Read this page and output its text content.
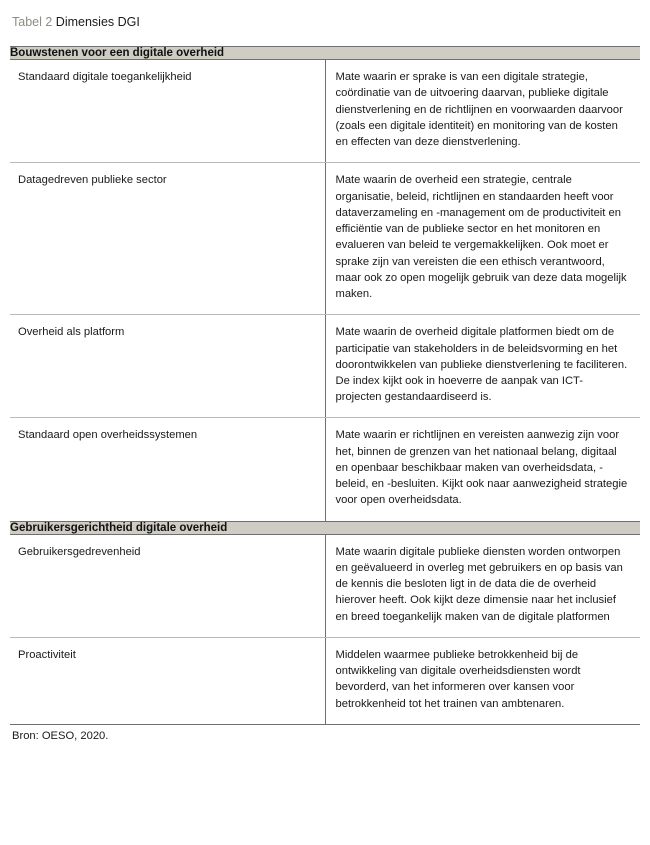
Tabel 2 Dimensies DGI
Bouwstenen voor een digitale overheid	
Standaard digitale toegankelijkheid	Mate waarin er sprake is van een digitale strategie, coördinatie van de uitvoering daarvan, publieke digitale dienstverlening en de richtlijnen en voorwaarden daarvoor (zoals een digitale identiteit) en monitoring van de kosten en effecten van deze dienstverlening.
Datagedreven publieke sector	Mate waarin de overheid een strategie, centrale organisatie, beleid, richtlijnen en standaarden heeft voor dataverzameling en -management om de productiviteit en efficiëntie van de publieke sector en het monitoren en evalueren van beleid te vergemakkelijken. Ook moet er sprake zijn van vereisten die een ethisch verantwoord, maar ook zo open mogelijk gebruik van deze data mogelijk maken.
Overheid als platform	Mate waarin de overheid digitale platformen biedt om de participatie van stakeholders in de beleidsvorming en het doorontwikkelen van publieke dienstverlening te faciliteren. De index kijkt ook in hoeverre de aanpak van ICT-projecten gestandaardiseerd is.
Standaard open overheidssystemen	Mate waarin er richtlijnen en vereisten aanwezig zijn voor het, binnen de grenzen van het nationaal belang, digitaal en openbaar beschikbaar maken van overheidsdata, -beleid, en -besluiten. Kijkt ook naar aanwezigheid strategie voor open overheidsdata.
Gebruikersgerichtheid digitale overheid	
Gebruikersgedrevenheid	Mate waarin digitale publieke diensten worden ontworpen en geëvalueerd in overleg met gebruikers en op basis van de kennis die besloten ligt in de data die de overheid hierover heeft. Ook kijkt deze dimensie naar het inclusief en breed toegankelijk maken van de digitale platformen
Proactiviteit	Middelen waarmee publieke betrokkenheid bij de ontwikkeling van digitale overheidsdiensten wordt bevorderd, van het informeren over kansen voor betrokkenheid tot het trainen van ambtenaren.
Bron: OESO, 2020.
